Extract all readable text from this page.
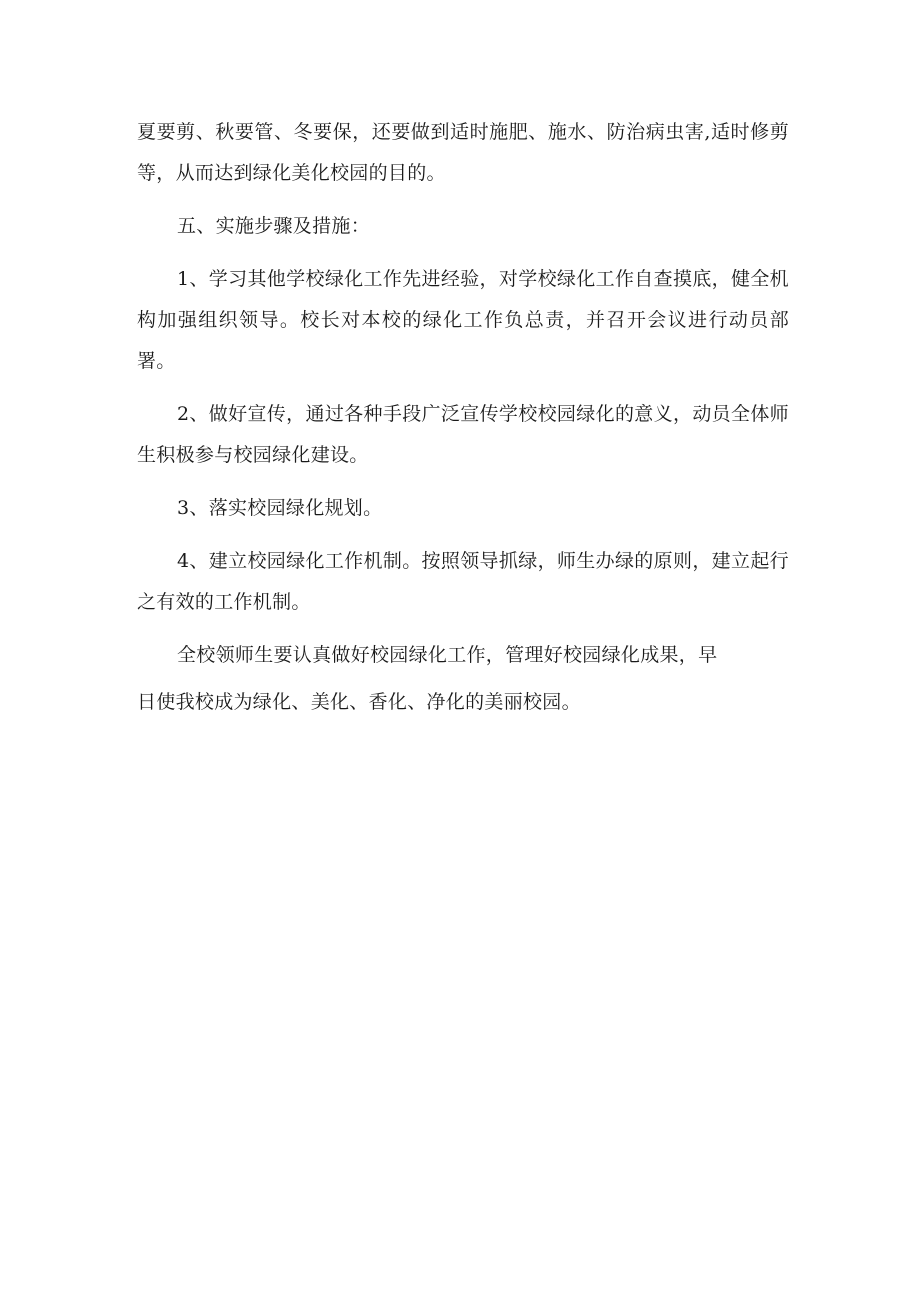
夏要剪、秋要管、冬要保，还要做到适时施肥、施水、防治病虫害,适时修剪等，从而达到绿化美化校园的目的。

五、实施步骤及措施：

1、学习其他学校绿化工作先进经验，对学校绿化工作自查摸底，健全机构加强组织领导。校长对本校的绿化工作负总责，并召开会议进行动员部署。

2、做好宣传，通过各种手段广泛宣传学校校园绿化的意义，动员全体师生积极参与校园绿化建设。

3、落实校园绿化规划。

4、建立校园绿化工作机制。按照领导抓绿，师生办绿的原则，建立起行之有效的工作机制。

全校领师生要认真做好校园绿化工作，管理好校园绿化成果，早
日使我校成为绿化、美化、香化、净化的美丽校园。
